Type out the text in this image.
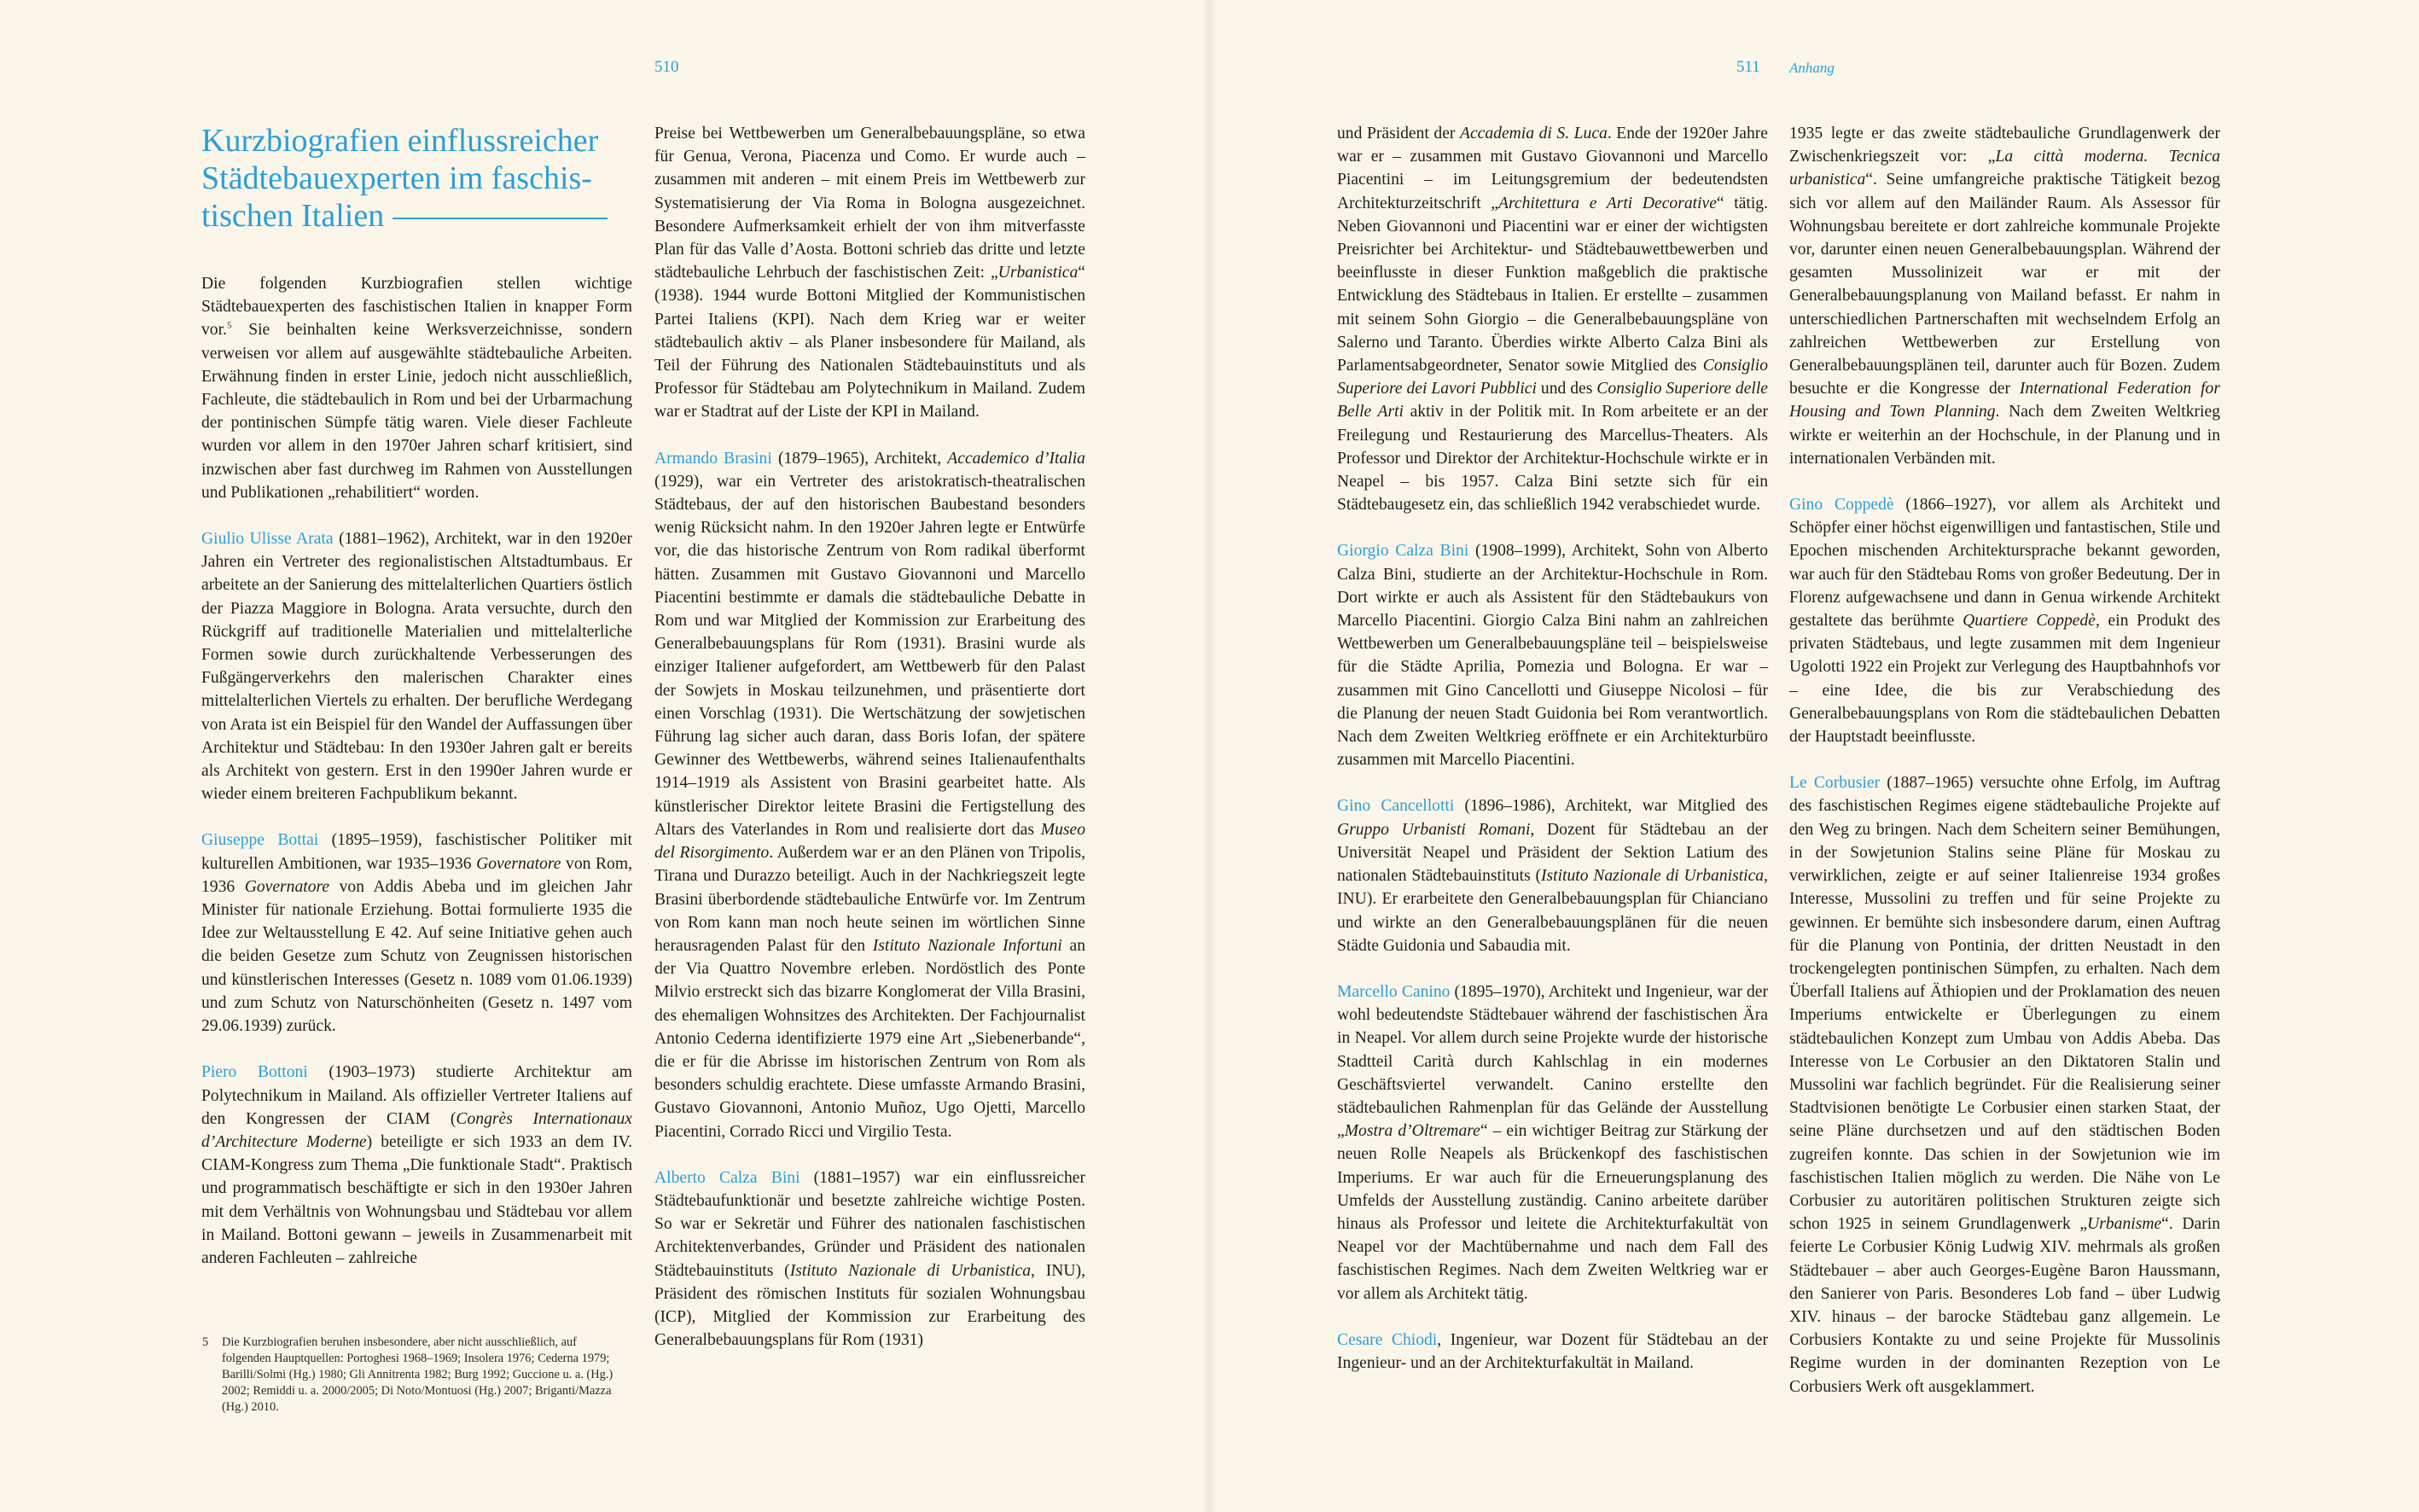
510
Kurzbiografien einflussreicher
Städtebauexperten im faschis-
tischen Italien

Die folgenden Kurzbiografien stellen wichtige Städtebauexperten des faschistischen Italien in knapper Form vor.$^5$ Sie beinhalten keine Werksverzeichnisse, sondern verweisen vor allem auf ausgewählte städtebauliche Arbeiten. Erwähnung finden in erster Linie, jedoch nicht ausschließlich, Fachleute, die städtebaulich in Rom und bei der Urbarmachung der pontinischen Sümpfe tätig waren. Viele dieser Fachleute wurden vor allem in den 1970er Jahren scharf kritisiert, sind inzwischen aber fast durchweg im Rahmen von Ausstellungen und Publikationen „rehabilitiert“ worden.

Giulio Ulisse Arata (1881–1962), Architekt, war in den 1920er Jahren ein Vertreter des regionalistischen Altstadtumbaus. Er arbeitete an der Sanierung des mittelalterlichen Quartiers östlich der Piazza Maggiore in Bologna. Arata versuchte, durch den Rückgriff auf traditionelle Materialien und mittelalterliche Formen sowie durch zurückhaltende Verbesserungen des Fußgängerverkehrs den malerischen Charakter eines mittelalterlichen Viertels zu erhalten. Der berufliche Werdegang von Arata ist ein Beispiel für den Wandel der Auffassungen über Architektur und Städtebau: In den 1930er Jahren galt er bereits als Architekt von gestern. Erst in den 1990er Jahren wurde er wieder einem breiteren Fachpublikum bekannt.

Giuseppe Bottai (1895–1959), faschistischer Politiker mit kulturellen Ambitionen, war 1935–1936 Governatore von Rom, 1936 Governatore von Addis Abeba und im gleichen Jahr Minister für nationale Erziehung. Bottai formulierte 1935 die Idee zur Weltausstellung E 42. Auf seine Initiative gehen auch die beiden Gesetze zum Schutz von Zeugnissen historischen und künstlerischen Interesses (Gesetz n. 1089 vom 01.06.1939) und zum Schutz von Naturschönheiten (Gesetz n. 1497 vom 29.06.1939) zurück.

Piero Bottoni (1903–1973) studierte Architektur am Polytechnikum in Mailand. Als offizieller Vertreter Italiens auf den Kongressen der CIAM (Congrès Internationaux d’Architecture Moderne) beteiligte er sich 1933 an dem IV. CIAM-Kongress zum Thema „Die funktionale Stadt“. Praktisch und programmatisch beschäftigte er sich in den 1930er Jahren mit dem Verhältnis von Wohnungsbau und Städtebau vor allem in Mailand. Bottoni gewann – jeweils in Zusammenarbeit mit anderen Fachleuten – zahlreiche

Preise bei Wettbewerben um Generalbebauungspläne, so etwa für Genua, Verona, Piacenza und Como. Er wurde auch – zusammen mit anderen – mit einem Preis im Wettbewerb zur Systematisierung der Via Roma in Bologna ausgezeichnet. Besondere Aufmerksamkeit erhielt der von ihm mitverfasste Plan für das Valle d’Aosta. Bottoni schrieb das dritte und letzte städtebauliche Lehrbuch der faschistischen Zeit: „Urbanistica“ (1938). 1944 wurde Bottoni Mitglied der Kommunistischen Partei Italiens (KPI). Nach dem Krieg war er weiter städtebaulich aktiv – als Planer insbesondere für Mailand, als Teil der Führung des Nationalen Städtebauinstituts und als Professor für Städtebau am Polytechnikum in Mailand. Zudem war er Stadtrat auf der Liste der KPI in Mailand.

Armando Brasini (1879–1965), Architekt, Accademico d’Italia (1929), war ein Vertreter des aristokratisch-theatralischen Städtebaus, der auf den historischen Baubestand besonders wenig Rücksicht nahm. In den 1920er Jahren legte er Entwürfe vor, die das historische Zentrum von Rom radikal überformt hätten. Zusammen mit Gustavo Giovannoni und Marcello Piacentini bestimmte er damals die städtebauliche Debatte in Rom und war Mitglied der Kommission zur Erarbeitung des Generalbebauungsplans für Rom (1931). Brasini wurde als einziger Italiener aufgefordert, am Wettbewerb für den Palast der Sowjets in Moskau teilzunehmen, und präsentierte dort einen Vorschlag (1931). Die Wertschätzung der sowjetischen Führung lag sicher auch daran, dass Boris Iofan, der spätere Gewinner des Wettbewerbs, während seines Italienaufenthalts 1914–1919 als Assistent von Brasini gearbeitet hatte. Als künstlerischer Direktor leitete Brasini die Fertigstellung des Altars des Vaterlandes in Rom und realisierte dort das Museo del Risorgimento. Außerdem war er an den Plänen von Tripolis, Tirana und Durazzo beteiligt. Auch in der Nachkriegszeit legte Brasini überbordende städtebauliche Entwürfe vor. Im Zentrum von Rom kann man noch heute seinen im wörtlichen Sinne herausragenden Palast für den Istituto Nazionale Infortuni an der Via Quattro Novembre erleben. Nordöstlich des Ponte Milvio erstreckt sich das bizarre Konglomerat der Villa Brasini, des ehemaligen Wohnsitzes des Architekten. Der Fachjournalist Antonio Cederna identifizierte 1979 eine Art „Siebenerbande“, die er für die Abrisse im historischen Zentrum von Rom als besonders schuldig erachtete. Diese umfasste Armando Brasini, Gustavo Giovannoni, Antonio Muñoz, Ugo Ojetti, Marcello Piacentini, Corrado Ricci und Virgilio Testa.

Alberto Calza Bini (1881–1957) war ein einflussreicher Städtebaufunktionär und besetzte zahlreiche wichtige Posten. So war er Sekretär und Führer des nationalen faschistischen Architektenverbandes, Gründer und Präsident des nationalen Städtebauinstituts (Istituto Nazionale di Urbanistica, INU), Präsident des römischen Instituts für sozialen Wohnungsbau (ICP), Mitglied der Kommission zur Erarbeitung des Generalbebauungsplans für Rom (1931)

5	Die Kurzbiografien beruhen insbesondere, aber nicht ausschließlich, auf folgenden Hauptquellen: Portoghesi 1968–1969; Insolera 1976; Cederna 1979; Barilli/Solmi (Hg.) 1980; Gli Annitrenta 1982; Burg 1992; Guccione u. a. (Hg.) 2002; Remiddi u. a. 2000/2005; Di Noto/Montuosi (Hg.) 2007; Briganti/Mazza (Hg.) 2010.
511 Anhang

und Präsident der Accademia di S. Luca. Ende der 1920er Jahre war er – zusammen mit Gustavo Giovannoni und Marcello Piacentini – im Leitungsgremium der bedeutendsten Architekturzeitschrift „Architettura e Arti Decorative“ tätig. Neben Giovannoni und Piacentini war er einer der wichtigsten Preisrichter bei Architektur- und Städtebauwettbewerben und beeinflusste in dieser Funktion maßgeblich die praktische Entwicklung des Städtebaus in Italien. Er erstellte – zusammen mit seinem Sohn Giorgio – die Generalbebauungspläne von Salerno und Taranto. Überdies wirkte Alberto Calza Bini als Parlamentsabgeordneter, Senator sowie Mitglied des Consiglio Superiore dei Lavori Pubblici und des Consiglio Superiore delle Belle Arti aktiv in der Politik mit. In Rom arbeitete er an der Freilegung und Restaurierung des Marcellus-Theaters. Als Professor und Direktor der Architektur-Hochschule wirkte er in Neapel – bis 1957. Calza Bini setzte sich für ein Städtebaugesetz ein, das schließlich 1942 verabschiedet wurde.

Giorgio Calza Bini (1908–1999), Architekt, Sohn von Alberto Calza Bini, studierte an der Architektur-Hochschule in Rom. Dort wirkte er auch als Assistent für den Städtebaukurs von Marcello Piacentini. Giorgio Calza Bini nahm an zahlreichen Wettbewerben um Generalbebauungspläne teil – beispielsweise für die Städte Aprilia, Pomezia und Bologna. Er war – zusammen mit Gino Cancellotti und Giuseppe Nicolosi – für die Planung der neuen Stadt Guidonia bei Rom verantwortlich. Nach dem Zweiten Weltkrieg eröffnete er ein Architekturbüro zusammen mit Marcello Piacentini.

Gino Cancellotti (1896–1986), Architekt, war Mitglied des Gruppo Urbanisti Romani, Dozent für Städtebau an der Universität Neapel und Präsident der Sektion Latium des nationalen Städtebauinstituts (Istituto Nazionale di Urbanistica, INU). Er erarbeitete den Generalbebauungsplan für Chianciano und wirkte an den Generalbebauungsplänen für die neuen Städte Guidonia und Sabaudia mit.

Marcello Canino (1895–1970), Architekt und Ingenieur, war der wohl bedeutendste Städtebauer während der faschistischen Ära in Neapel. Vor allem durch seine Projekte wurde der historische Stadtteil Carità durch Kahlschlag in ein modernes Geschäftsviertel verwandelt. Canino erstellte den städtebaulichen Rahmenplan für das Gelände der Ausstellung „Mostra d’Oltremare“ – ein wichtiger Beitrag zur Stärkung der neuen Rolle Neapels als Brückenkopf des faschistischen Imperiums. Er war auch für die Erneuerungsplanung des Umfelds der Ausstellung zuständig. Canino arbeitete darüber hinaus als Professor und leitete die Architekturfakultät von Neapel vor der Machtübernahme und nach dem Fall des faschistischen Regimes. Nach dem Zweiten Weltkrieg war er vor allem als Architekt tätig.

Cesare Chiodi, Ingenieur, war Dozent für Städtebau an der Ingenieur- und an der Architekturfakultät in Mailand.

1935 legte er das zweite städtebauliche Grundlagenwerk der Zwischenkriegszeit vor: „La città moderna. Tecnica urbanistica“. Seine umfangreiche praktische Tätigkeit bezog sich vor allem auf den Mailänder Raum. Als Assessor für Wohnungsbau bereitete er dort zahlreiche kommunale Projekte vor, darunter einen neuen Generalbebauungsplan. Während der gesamten Mussolinizeit war er mit der Generalbebauungsplanung von Mailand befasst. Er nahm in unterschiedlichen Partnerschaften mit wechselndem Erfolg an zahlreichen Wettbewerben zur Erstellung von Generalbebauungsplänen teil, darunter auch für Bozen. Zudem besuchte er die Kongresse der International Federation for Housing and Town Planning. Nach dem Zweiten Weltkrieg wirkte er weiterhin an der Hochschule, in der Planung und in internationalen Verbänden mit.

Gino Coppedè (1866–1927), vor allem als Architekt und Schöpfer einer höchst eigenwilligen und fantastischen, Stile und Epochen mischenden Architektursprache bekannt geworden, war auch für den Städtebau Roms von großer Bedeutung. Der in Florenz aufgewachsene und dann in Genua wirkende Architekt gestaltete das berühmte Quartiere Coppedè, ein Produkt des privaten Städtebaus, und legte zusammen mit dem Ingenieur Ugolotti 1922 ein Projekt zur Verlegung des Hauptbahnhofs vor – eine Idee, die bis zur Verabschiedung des Generalbebauungsplans von Rom die städtebaulichen Debatten der Hauptstadt beeinflusste.

Le Corbusier (1887–1965) versuchte ohne Erfolg, im Auftrag des faschistischen Regimes eigene städtebauliche Projekte auf den Weg zu bringen. Nach dem Scheitern seiner Bemühungen, in der Sowjetunion Stalins seine Pläne für Moskau zu verwirklichen, zeigte er auf seiner Italienreise 1934 großes Interesse, Mussolini zu treffen und für seine Projekte zu gewinnen. Er bemühte sich insbesondere darum, einen Auftrag für die Planung von Pontinia, der dritten Neustadt in den trockengelegten pontinischen Sümpfen, zu erhalten. Nach dem Überfall Italiens auf Äthiopien und der Proklamation des neuen Imperiums entwickelte er Überlegungen zu einem städtebaulichen Konzept zum Umbau von Addis Abeba. Das Interesse von Le Corbusier an den Diktatoren Stalin und Mussolini war fachlich begründet. Für die Realisierung seiner Stadtvisionen benötigte Le Corbusier einen starken Staat, der seine Pläne durchsetzen und auf den städtischen Boden zugreifen konnte. Das schien in der Sowjetunion wie im faschistischen Italien möglich zu werden. Die Nähe von Le Corbusier zu autoritären politischen Strukturen zeigte sich schon 1925 in seinem Grundlagenwerk „Urbanisme“. Darin feierte Le Corbusier König Ludwig XIV. mehrmals als großen Städtebauer – aber auch Georges-Eugène Baron Haussmann, den Sanierer von Paris. Besonderes Lob fand – über Ludwig XIV. hinaus – der barocke Städtebau ganz allgemein. Le Corbusiers Kontakte zu und seine Projekte für Mussolinis Regime wurden in der dominanten Rezeption von Le Corbusiers Werk oft ausgeklammert.
